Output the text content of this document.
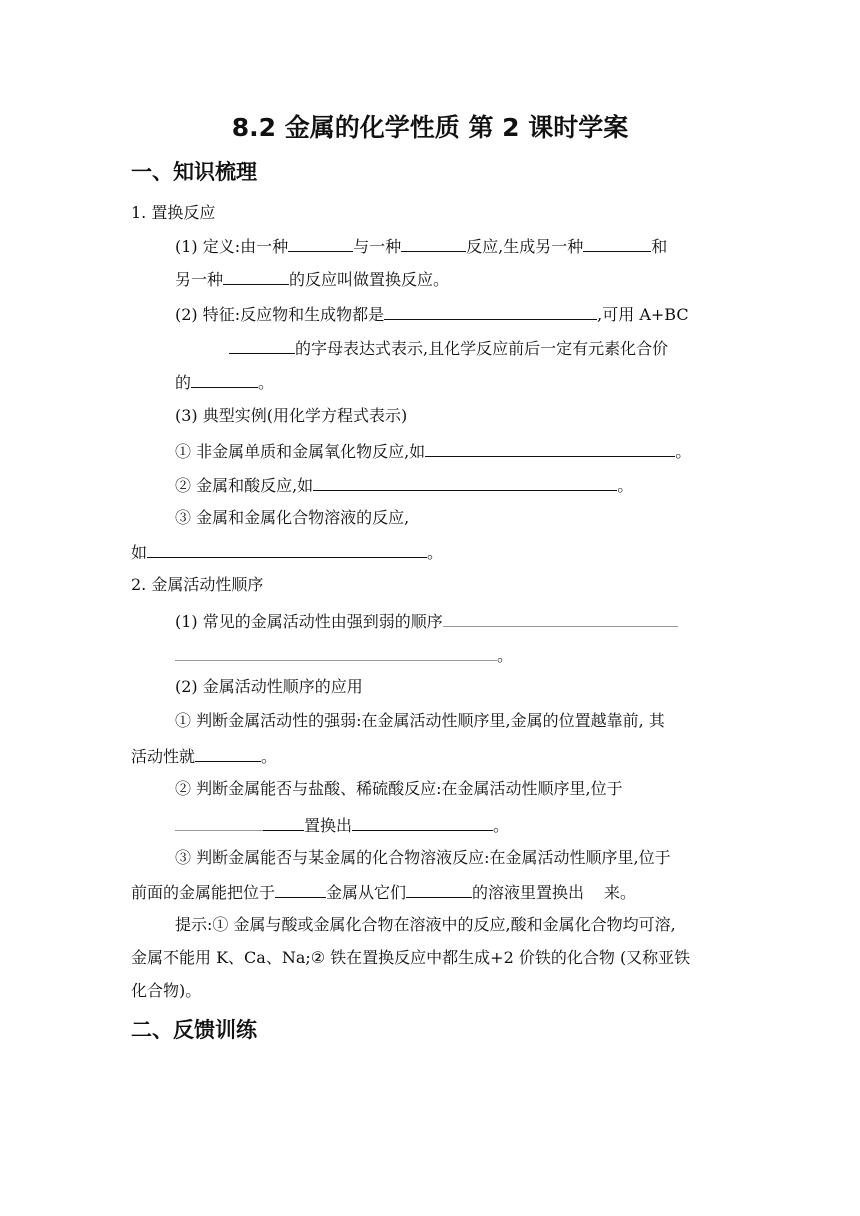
8.2 金属的化学性质 第 2 课时学案
一、知识梳理
1. 置换反应
(1) 定义:由一种	与一种	反应,生成另一种	和
另一种	的反应叫做置换反应。
(2) 特征:反应物和生成物都是	,可用 A+BC
的字母表达式表示,且化学反应前后一定有元素化合价
的	。
(3) 典型实例(用化学方程式表示)
① 非金属单质和金属氧化物反应,如	。
② 金属和酸反应,如	。
③ 金属和金属化合物溶液的反应,
如	。
2. 金属活动性顺序
(1) 常见的金属活动性由强到弱的顺序
。
(2) 金属活动性顺序的应用
① 判断金属活动性的强弱:在金属活动性顺序里,金属的位置越靠前, 其
活动性就	。
② 判断金属能否与盐酸、稀硫酸反应:在金属活动性顺序里,位于
置换出	。
③ 判断金属能否与某金属的化合物溶液反应:在金属活动性顺序里,位于
前面的金属能把位于	金属从它们	的溶液里置换出 来。
提示:① 金属与酸或金属化合物在溶液中的反应,酸和金属化合物均可溶,
金属不能用 K、Ca、Na;② 铁在置换反应中都生成+2 价铁的化合物 (又称亚铁
化合物)。
二、反馈训练
